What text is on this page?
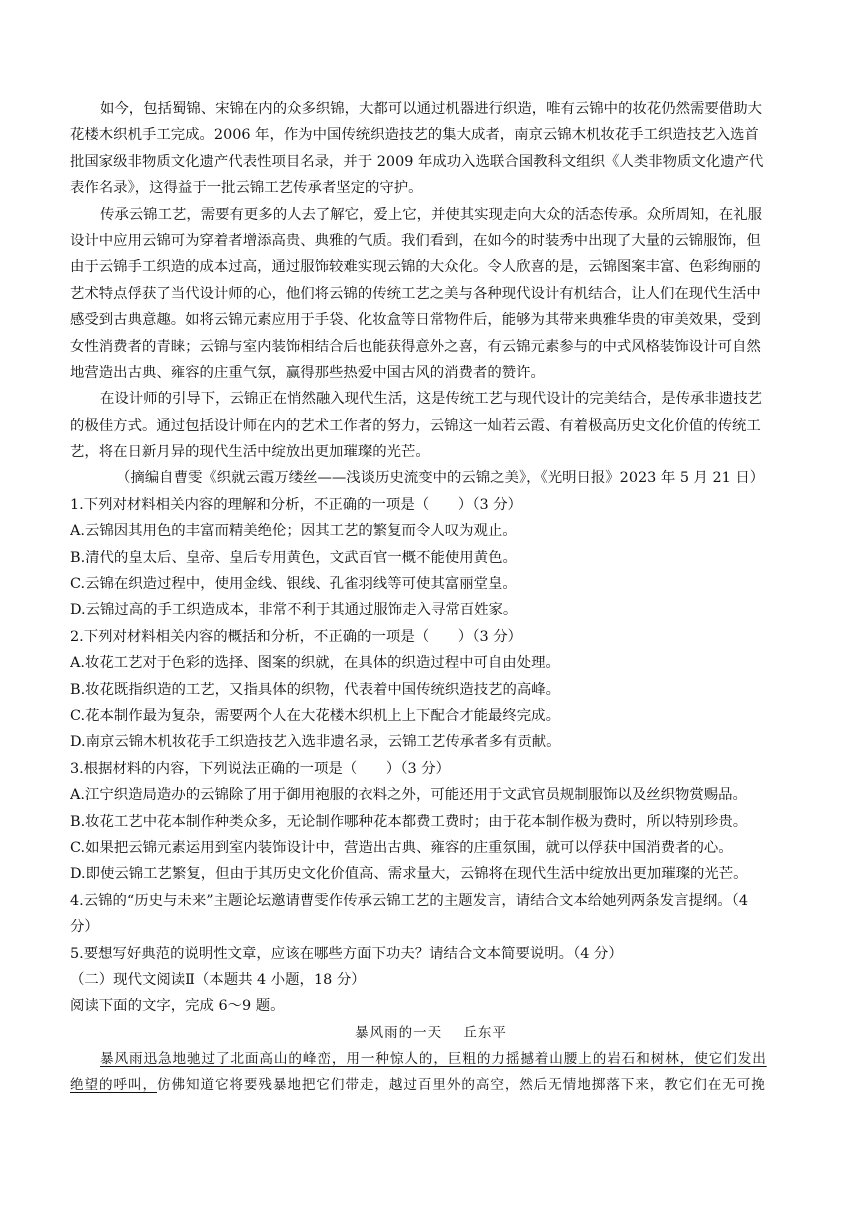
如今，包括蜀锦、宋锦在内的众多织锦，大都可以通过机器进行织造，唯有云锦中的妆花仍然需要借助大
花楼木织机手工完成。2006 年，作为中国传统织造技艺的集大成者，南京云锦木机妆花手工织造技艺入选首
批国家级非物质文化遗产代表性项目名录，并于 2009 年成功入选联合国教科文组织《人类非物质文化遗产代
表作名录》，这得益于一批云锦工艺传承者坚定的守护。
传承云锦工艺，需要有更多的人去了解它，爱上它，并使其实现走向大众的活态传承。众所周知，在礼服
设计中应用云锦可为穿着者增添高贵、典雅的气质。我们看到，在如今的时装秀中出现了大量的云锦服饰，但
由于云锦手工织造的成本过高，通过服饰较难实现云锦的大众化。令人欣喜的是，云锦图案丰富、色彩绚丽的
艺术特点俘获了当代设计师的心，他们将云锦的传统工艺之美与各种现代设计有机结合，让人们在现代生活中
感受到古典意趣。如将云锦元素应用于手袋、化妆盒等日常物件后，能够为其带来典雅华贵的审美效果，受到
女性消费者的青睐；云锦与室内装饰相结合后也能获得意外之喜，有云锦元素参与的中式风格装饰设计可自然
地营造出古典、雍容的庄重气氛，赢得那些热爱中国古风的消费者的赞许。
在设计师的引导下，云锦正在悄然融入现代生活，这是传统工艺与现代设计的完美结合，是传承非遗技艺
的极佳方式。通过包括设计师在内的艺术工作者的努力，云锦这一灿若云霞、有着极高历史文化价值的传统工
艺，将在日新月异的现代生活中绽放出更加璀璨的光芒。
（摘编自曹雯《织就云霞万缕丝——浅谈历史流变中的云锦之美》，《光明日报》2023 年 5 月 21 日）
1.下列对材料相关内容的理解和分析，不正确的一项是（　　）（3 分）
A.云锦因其用色的丰富而精美绝伦；因其工艺的繁复而令人叹为观止。
B.清代的皇太后、皇帝、皇后专用黄色，文武百官一概不能使用黄色。
C.云锦在织造过程中，使用金线、银线、孔雀羽线等可使其富丽堂皇。
D.云锦过高的手工织造成本，非常不利于其通过服饰走入寻常百姓家。
2.下列对材料相关内容的概括和分析，不正确的一项是（　　）（3 分）
A.妆花工艺对于色彩的选择、图案的织就，在具体的织造过程中可自由处理。
B.妆花既指织造的工艺，又指具体的织物，代表着中国传统织造技艺的高峰。
C.花本制作最为复杂，需要两个人在大花楼木织机上上下配合才能最终完成。
D.南京云锦木机妆花手工织造技艺入选非遗名录，云锦工艺传承者多有贡献。
3.根据材料的内容，下列说法正确的一项是（　　）（3 分）
A.江宁织造局造办的云锦除了用于御用袍服的衣料之外，可能还用于文武官员规制服饰以及丝织物赏赐品。
B.妆花工艺中花本制作种类众多，无论制作哪种花本都费工费时；由于花本制作极为费时，所以特别珍贵。
C.如果把云锦元素运用到室内装饰设计中，营造出古典、雍容的庄重氛围，就可以俘获中国消费者的心。
D.即使云锦工艺繁复，但由于其历史文化价值高、需求量大，云锦将在现代生活中绽放出更加璀璨的光芒。
4.云锦的“历史与未来”主题论坛邀请曹雯作传承云锦工艺的主题发言，请结合文本给她列两条发言提纲。（4
分）
5.要想写好典范的说明性文章，应该在哪些方面下功夫？请结合文本简要说明。（4 分）
（二）现代文阅读Ⅱ（本题共 4 小题，18 分）
阅读下面的文字，完成 6～9 题。
暴风雨的一天 丘东平
暴风雨迅急地驰过了北面高山的峰峦，用一种惊人的，巨粗的力摇撼着山腰上的岩石和树林，使它们发出
绝望的呼叫，仿佛知道它将要残暴地把它们带走，越过百里外的高空，然后无情地掷落下来，教它们在无可挽
